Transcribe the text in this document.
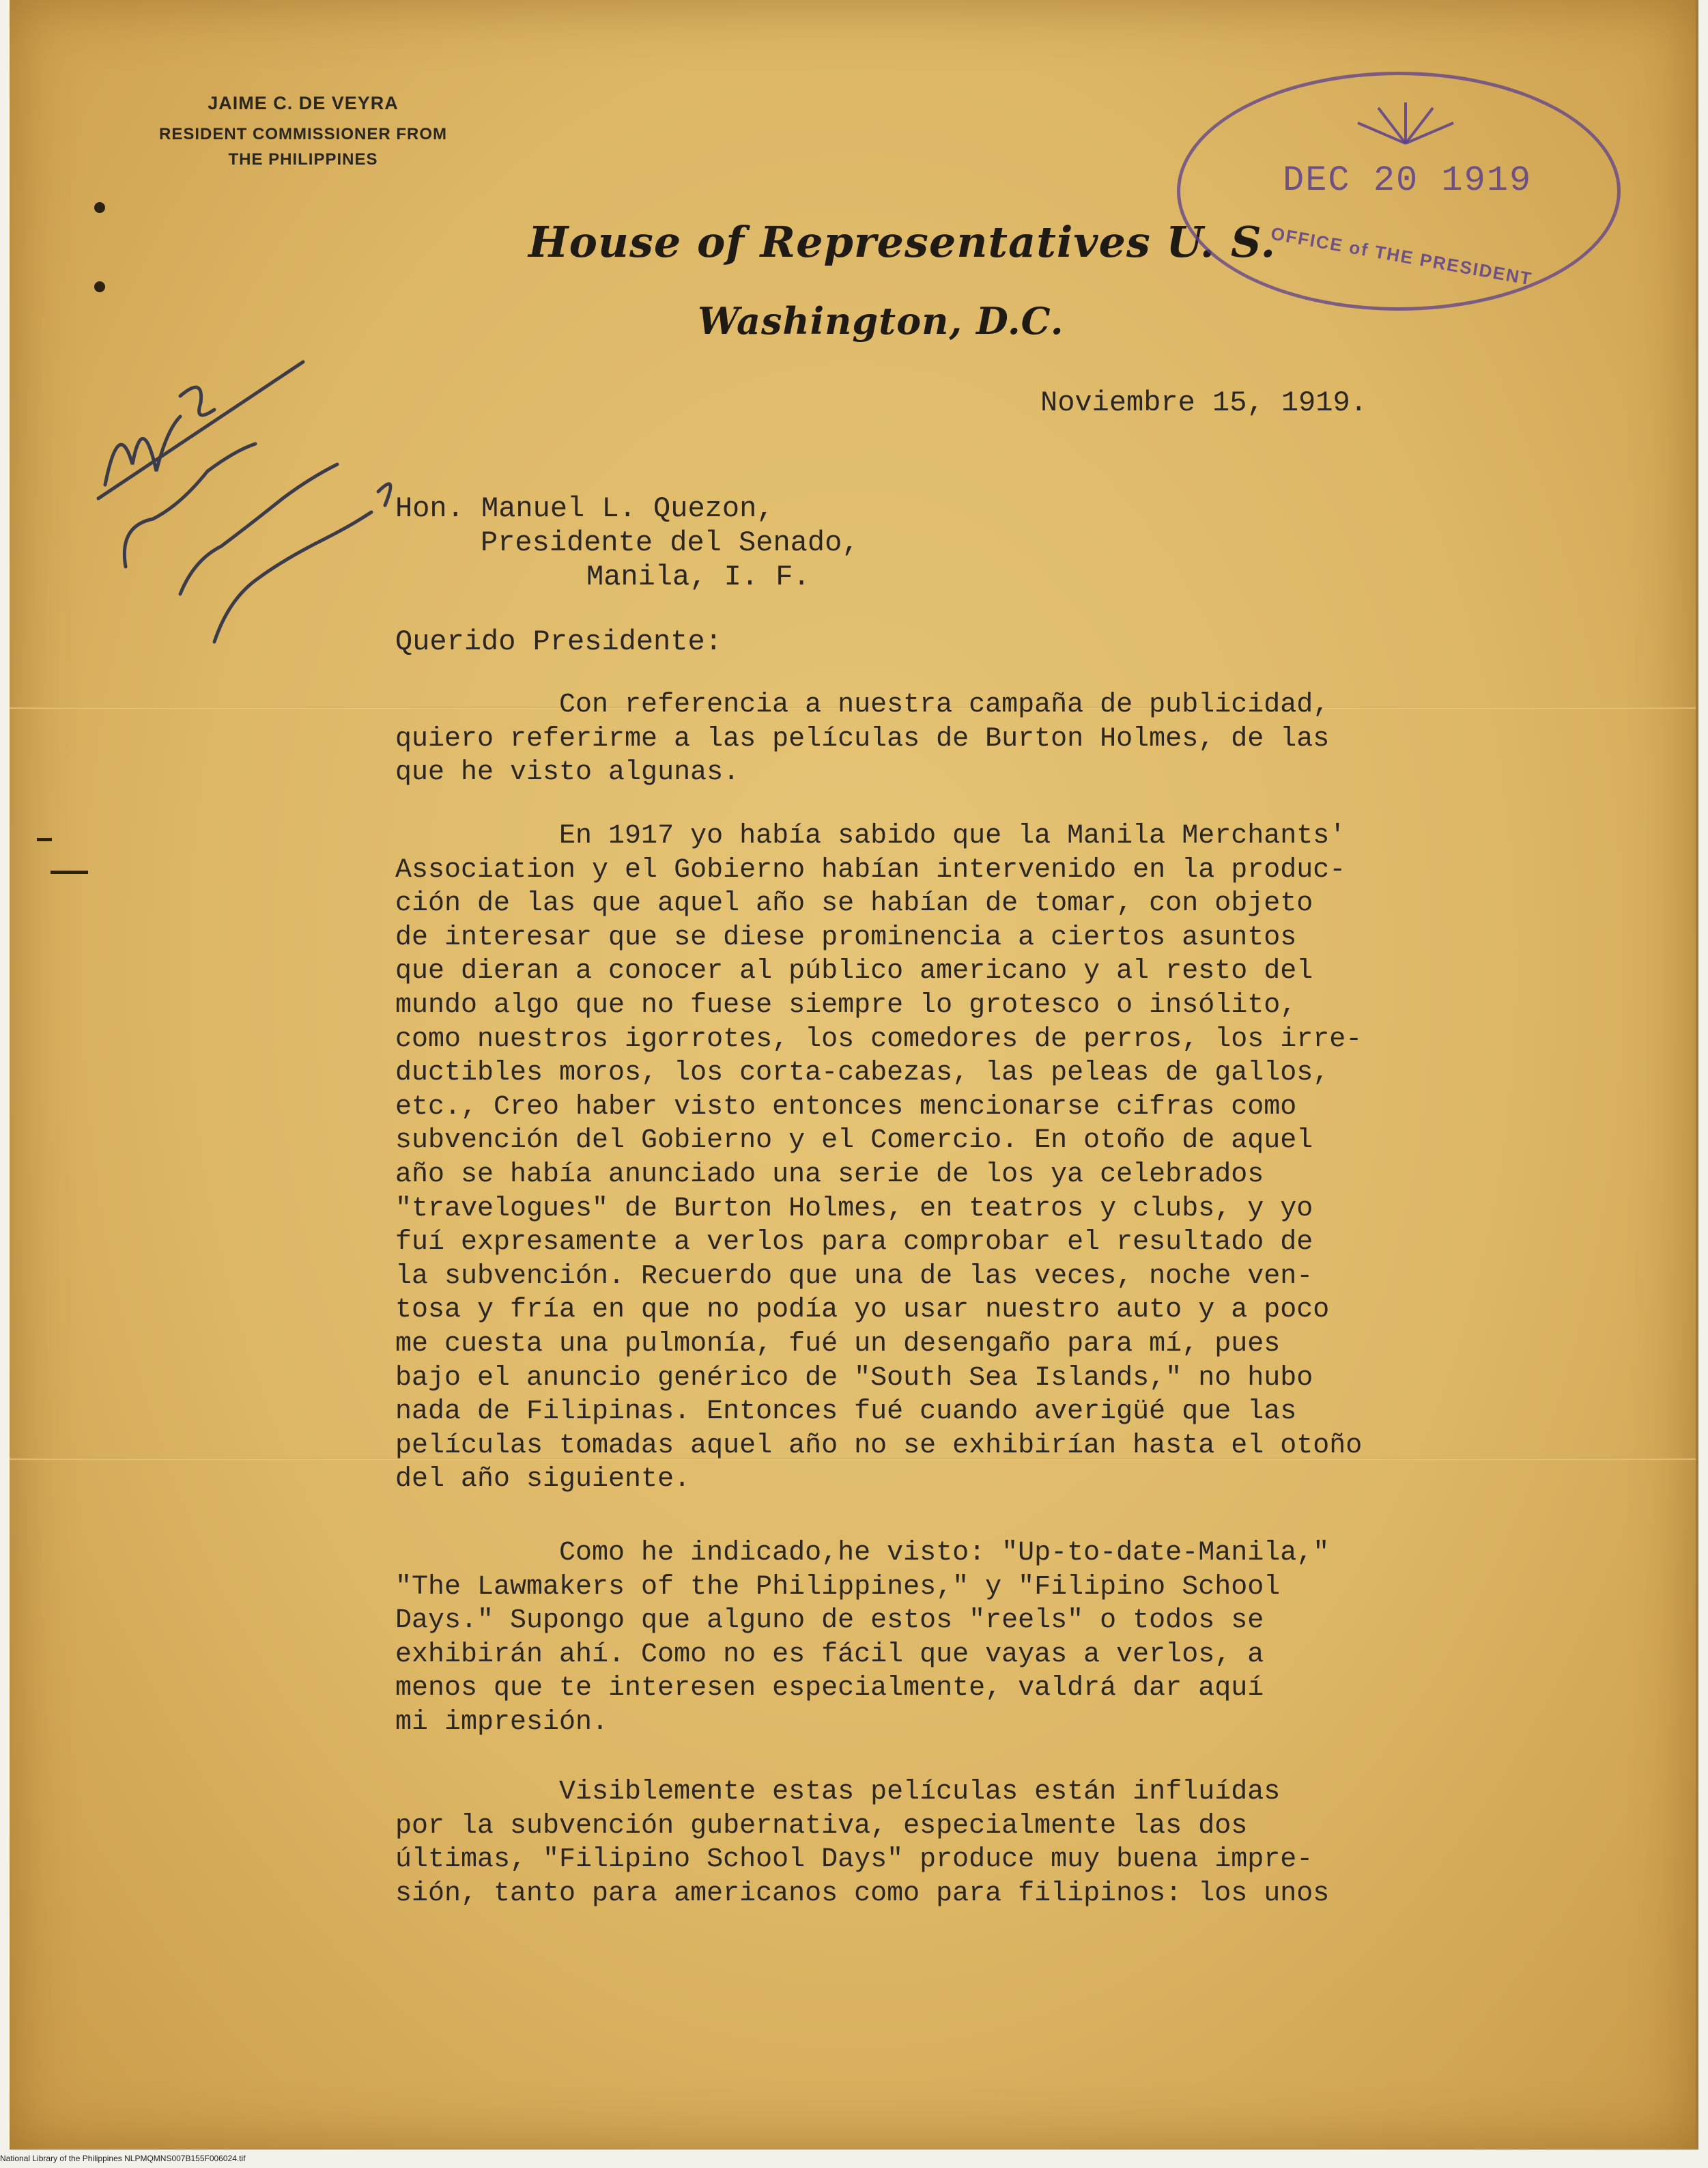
JAIME C. DE VEYRA
RESIDENT COMMISSIONER FROM
THE PHILIPPINES
House of Representatives U. S.
Washington, D.C.
DEC 20 1919
OFFICE of THE PRESIDENT
Noviembre 15, 1919.
Hon. Manuel L. Quezon,
Presidente del Senado,
Manila, I. F.
Querido Presidente:

Con referencia a nuestra campaña de publicidad,
quiero referirme a las películas de Burton Holmes, de las
que he visto algunas.

En 1917 yo había sabido que la Manila Merchants'
Association y el Gobierno habían intervenido en la produc-
ción de las que aquel año se habían de tomar, con objeto
de interesar que se diese prominencia a ciertos asuntos
que dieran a conocer al público americano y al resto del
mundo algo que no fuese siempre lo grotesco o insólito,
como nuestros igorrotes, los comedores de perros, los irre-
ductibles moros, los corta-cabezas, las peleas de gallos,
etc., Creo haber visto entonces mencionarse cifras como
subvención del Gobierno y el Comercio. En otoño de aquel
año se había anunciado una serie de los ya celebrados
"travelogues" de Burton Holmes, en teatros y clubs, y yo
fuí expresamente a verlos para comprobar el resultado de
la subvención. Recuerdo que una de las veces, noche ven-
tosa y fría en que no podía yo usar nuestro auto y a poco
me cuesta una pulmonía, fué un desengaño para mí, pues
bajo el anuncio genérico de "South Sea Islands," no hubo
nada de Filipinas. Entonces fué cuando averigüé que las
películas tomadas aquel año no se exhibirían hasta el otoño
del año siguiente.

Como he indicado,he visto: "Up-to-date-Manila,"
"The Lawmakers of the Philippines," y "Filipino School
Days." Supongo que alguno de estos "reels" o todos se
exhibirán ahí. Como no es fácil que vayas a verlos, a
menos que te interesen especialmente, valdrá dar aquí
mi impresión.

Visiblemente estas películas están influídas
por la subvención gubernativa, especialmente las dos
últimas, "Filipino School Days" produce muy buena impre-
sión, tanto para americanos como para filipinos: los unos

National Library of the Philippines NLPMQMNS007B155F006024.tif
